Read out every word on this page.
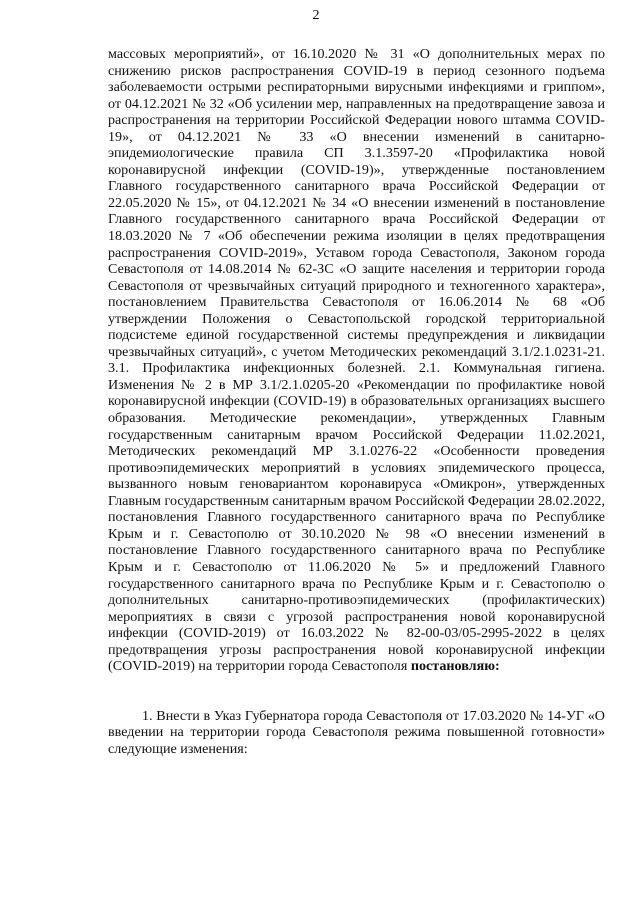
2

массовых мероприятий», от 16.10.2020 № 31 «О дополнительных мерах по снижению рисков распространения COVID-19 в период сезонного подъема заболеваемости острыми респираторными вирусными инфекциями и гриппом», от 04.12.2021 № 32 «Об усилении мер, направленных на предотвращение завоза и распространения на территории Российской Федерации нового штамма COVID-19», от 04.12.2021 № 33 «О внесении изменений в санитарно-эпидемиологические правила СП 3.1.3597-20 «Профилактика новой коронавирусной инфекции (COVID-19)», утвержденные постановлением Главного государственного санитарного врача Российской Федерации от 22.05.2020 № 15», от 04.12.2021 № 34 «О внесении изменений в постановление Главного государственного санитарного врача Российской Федерации от 18.03.2020 № 7 «Об обеспечении режима изоляции в целях предотвращения распространения COVID-2019», Уставом города Севастополя, Законом города Севастополя от 14.08.2014 № 62-ЗС «О защите населения и территории города Севастополя от чрезвычайных ситуаций природного и техногенного характера», постановлением Правительства Севастополя от 16.06.2014 № 68 «Об утверждении Положения о Севастопольской городской территориальной подсистеме единой государственной системы предупреждения и ликвидации чрезвычайных ситуаций», с учетом Методических рекомендаций 3.1/2.1.0231-21. 3.1. Профилактика инфекционных болезней. 2.1. Коммунальная гигиена. Изменения № 2 в МР 3.1/2.1.0205-20 «Рекомендации по профилактике новой коронавирусной инфекции (COVID-19) в образовательных организациях высшего образования. Методические рекомендации», утвержденных Главным государственным санитарным врачом Российской Федерации 11.02.2021, Методических рекомендаций МР 3.1.0276-22 «Особенности проведения противоэпидемических мероприятий в условиях эпидемического процесса, вызванного новым геновариантом коронавируса «Омикрон», утвержденных Главным государственным санитарным врачом Российской Федерации 28.02.2022, постановления Главного государственного санитарного врача по Республике Крым и г. Севастополю от 30.10.2020 № 98 «О внесении изменений в постановление Главного государственного санитарного врача по Республике Крым и г. Севастополю от 11.06.2020 № 5» и предложений Главного государственного санитарного врача по Республике Крым и г. Севастополю о дополнительных санитарно-противоэпидемических (профилактических) мероприятиях в связи с угрозой распространения новой коронавирусной инфекции (COVID-2019) от 16.03.2022 № 82-00-03/05-2995-2022 в целях предотвращения угрозы распространения новой коронавирусной инфекции (COVID-2019) на территории города Севастополя постановляю:

1. Внести в Указ Губернатора города Севастополя от 17.03.2020 № 14-УГ «О введении на территории города Севастополя режима повышенной готовности» следующие изменения:
